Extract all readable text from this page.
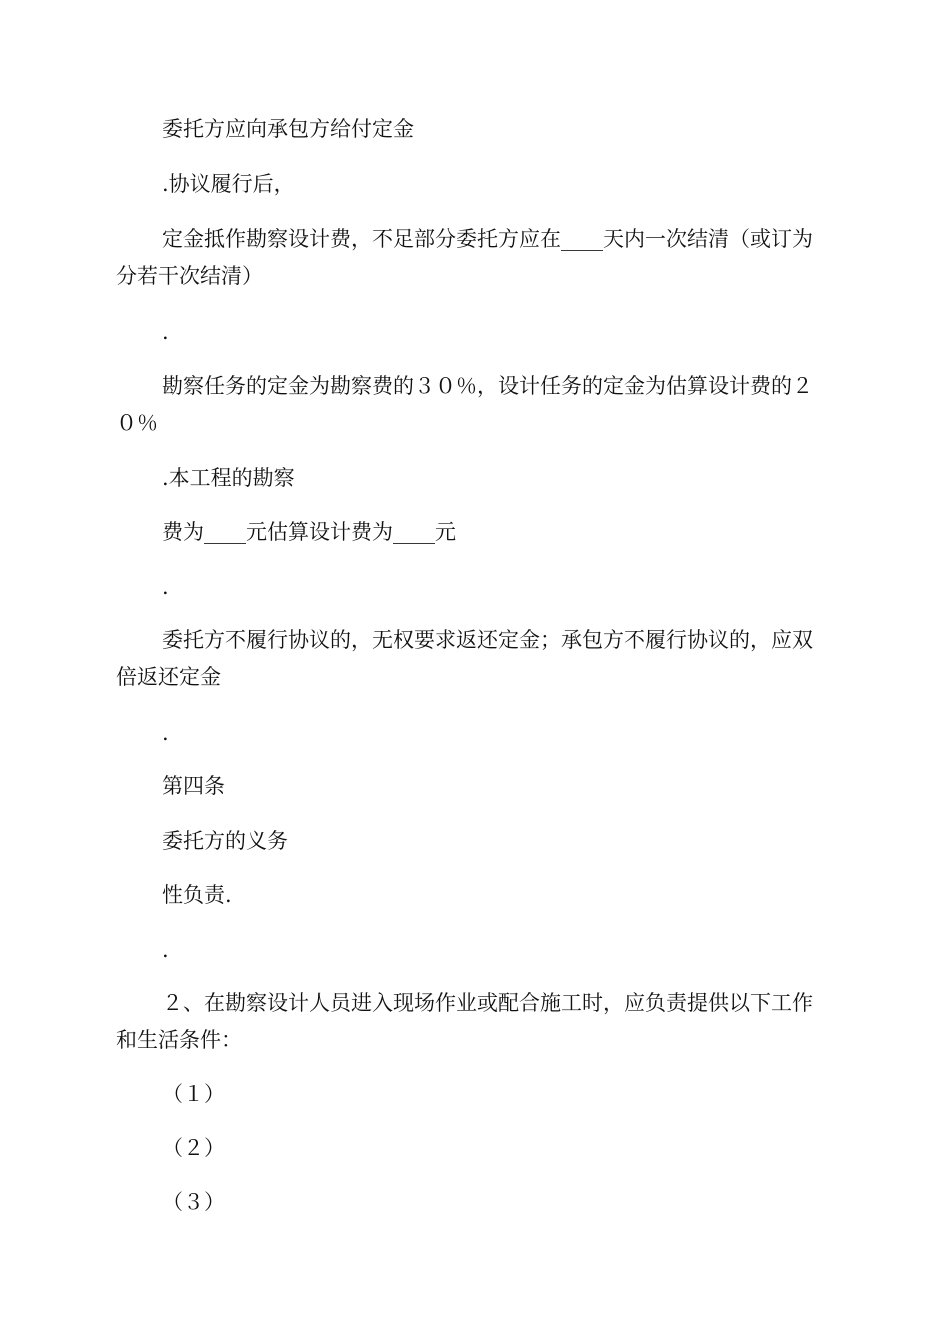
委托方应向承包方给付定金

.协议履行后，

定金抵作勘察设计费，不足部分委托方应在____天内一次结清（或订为分若干次结清）

.

勘察任务的定金为勘察费的３０％，设计任务的定金为估算设计费的２０％

.本工程的勘察

费为____元估算设计费为____元

.

委托方不履行协议的，无权要求返还定金；承包方不履行协议的，应双倍返还定金

.

第四条

委托方的义务

性负责.

.

２、在勘察设计人员进入现场作业或配合施工时，应负责提供以下工作和生活条件：

（１）

（２）

（３）
